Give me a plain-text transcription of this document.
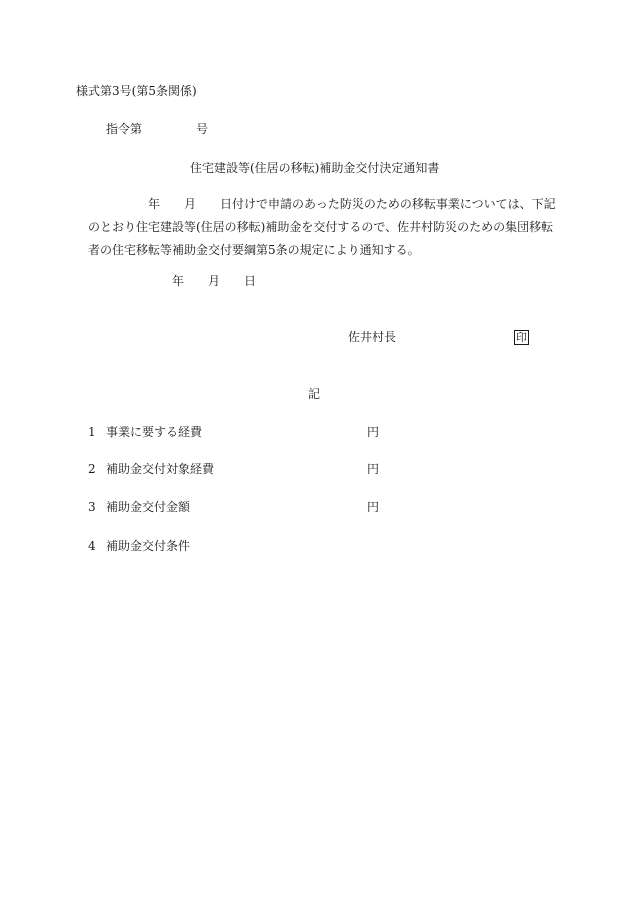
様式第3号(第5条関係)
指令第	号
住宅建設等(住居の移転)補助金交付決定通知書
年 月 日付けで申請のあった防災のための移転事業については、下記
のとおり住宅建設等(住居の移転)補助金を交付するので、佐井村防災のための集団移転
者の住宅移転等補助金交付要綱第5条の規定により通知する。
年 月 日
佐井村長	印
記
1 事業に要する経費	円
2 補助金交付対象経費	円
3 補助金交付金額	円
4 補助金交付条件
